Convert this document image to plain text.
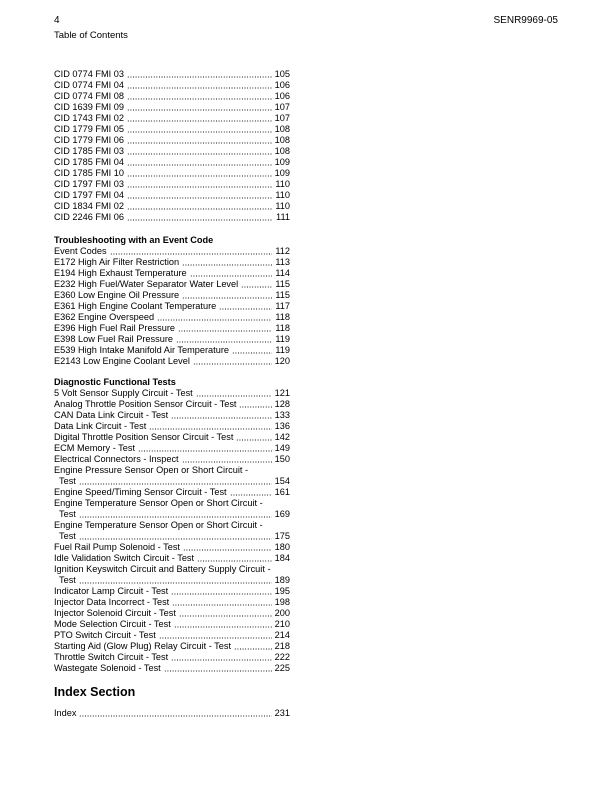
4	SENR9969-05
Table of Contents
CID 0774 FMI 03	105
CID 0774 FMI 04	106
CID 0774 FMI 08	106
CID 1639 FMI 09	107
CID 1743 FMI 02	107
CID 1779 FMI 05	108
CID 1779 FMI 06	108
CID 1785 FMI 03	108
CID 1785 FMI 04	109
CID 1785 FMI 10	109
CID 1797 FMI 03	110
CID 1797 FMI 04	110
CID 1834 FMI 02	110
CID 2246 FMI 06	111
Troubleshooting with an Event Code
Event Codes	112
E172 High Air Filter Restriction	113
E194 High Exhaust Temperature	114
E232 High Fuel/Water Separator Water Level	115
E360 Low Engine Oil Pressure	115
E361 High Engine Coolant Temperature	117
E362 Engine Overspeed	118
E396 High Fuel Rail Pressure	118
E398 Low Fuel Rail Pressure	119
E539 High Intake Manifold Air Temperature	119
E2143 Low Engine Coolant Level	120
Diagnostic Functional Tests
5 Volt Sensor Supply Circuit - Test	121
Analog Throttle Position Sensor Circuit - Test	128
CAN Data Link Circuit - Test	133
Data Link Circuit - Test	136
Digital Throttle Position Sensor Circuit - Test	142
ECM Memory - Test	149
Electrical Connectors - Inspect	150
Engine Pressure Sensor Open or Short Circuit -
Test	154
Engine Speed/Timing Sensor Circuit - Test	161
Engine Temperature Sensor Open or Short Circuit -
Test	169
Engine Temperature Sensor Open or Short Circuit -
Test	175
Fuel Rail Pump Solenoid - Test	180
Idle Validation Switch Circuit - Test	184
Ignition Keyswitch Circuit and Battery Supply Circuit -
Test	189
Indicator Lamp Circuit - Test	195
Injector Data Incorrect - Test	198
Injector Solenoid Circuit - Test	200
Mode Selection Circuit - Test	210
PTO Switch Circuit - Test	214
Starting Aid (Glow Plug) Relay Circuit - Test	218
Throttle Switch Circuit - Test	222
Wastegate Solenoid - Test	225
Index Section
Index	231
